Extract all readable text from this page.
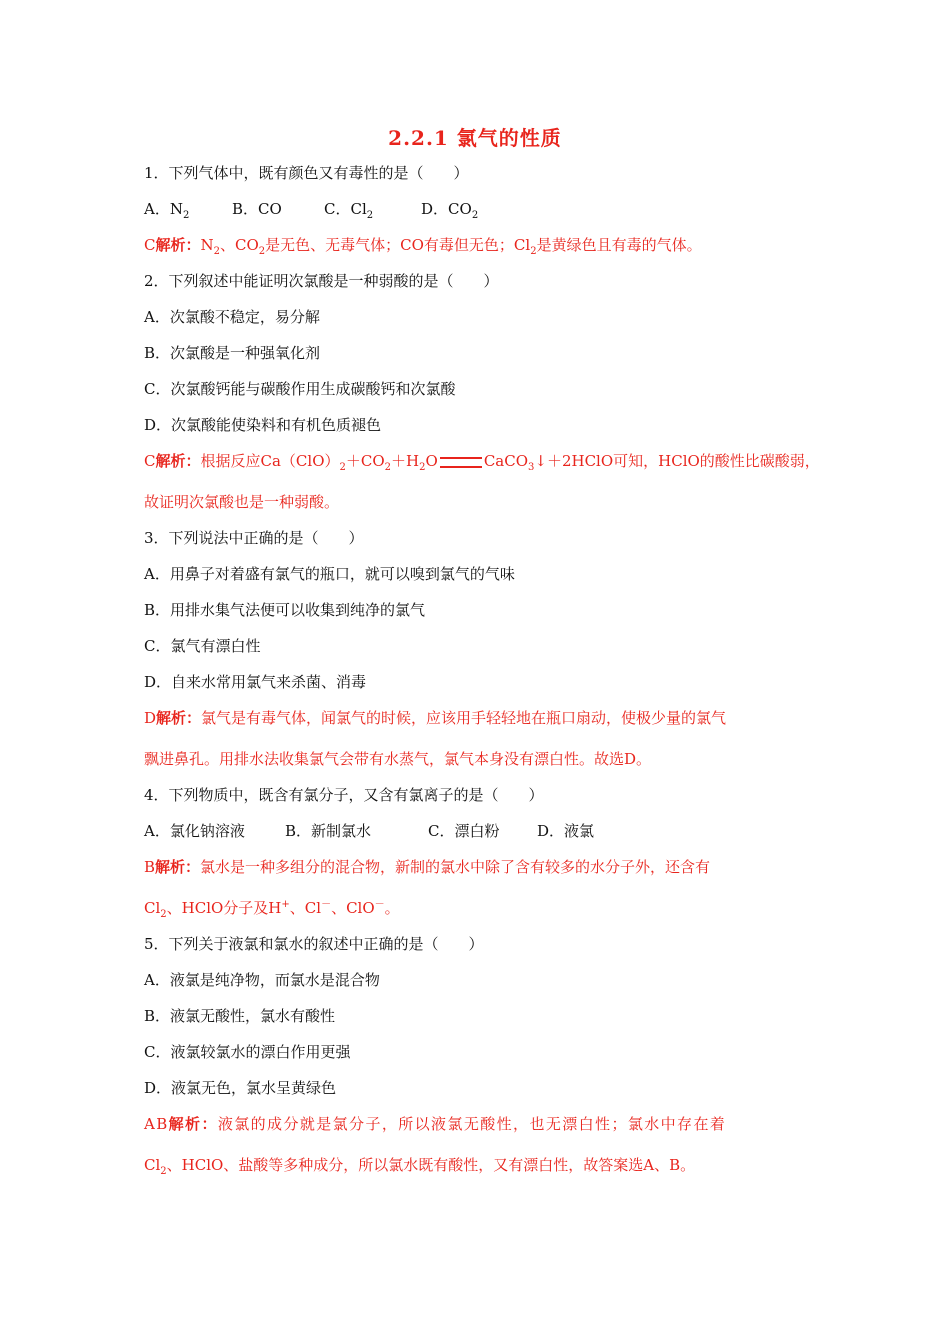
2.2.1 氯气的性质
1．下列气体中，既有颜色又有毒性的是（　　）
A．$N_2$	B．CO	C．$Cl_2$	D．$CO_2$
C解析：$N_2$、$CO_2$是无色、无毒气体；CO有毒但无色；$Cl_2$是黄绿色且有毒的气体。
2．下列叙述中能证明次氯酸是一种弱酸的是（　　）
A．次氯酸不稳定，易分解
B．次氯酸是一种强氧化剂
C．次氯酸钙能与碳酸作用生成碳酸钙和次氯酸
D．次氯酸能使染料和有机色质褪色
C解析：根据反应$Ca(ClO)_2+CO_2+H_2O$	CaCO$_3$↓＋2HClO可知，HClO的酸性比碳酸弱，
故证明次氯酸也是一种弱酸。
3．下列说法中正确的是（　　）
A．用鼻子对着盛有氯气的瓶口，就可以嗅到氯气的气味
B．用排水集气法便可以收集到纯净的氯气
C．氯气有漂白性
D．自来水常用氯气来杀菌、消毒
D解析：氯气是有毒气体，闻氯气的时候，应该用手轻轻地在瓶口扇动，使极少量的氯气
飘进鼻孔。用排水法收集氯气会带有水蒸气，氯气本身没有漂白性。故选D。
4．下列物质中，既含有氯分子，又含有氯离子的是（　　）
A．氯化钠溶液	B．新制氯水	C．漂白粉	D．液氯
B解析：氯水是一种多组分的混合物，新制的氯水中除了含有较多的水分子外，还含有
$Cl_2$、HClO分子及H+、Cl－、ClO－。
5．下列关于液氯和氯水的叙述中正确的是（　　）
A．液氯是纯净物，而氯水是混合物
B．液氯无酸性，氯水有酸性
C．液氯较氯水的漂白作用更强
D．液氯无色，氯水呈黄绿色
AB解析：液氯的成分就是氯分子，所以液氯无酸性，也无漂白性；氯水中存在着
$Cl_2$、HClO、盐酸等多种成分，所以氯水既有酸性，又有漂白性，故答案选A、B。
